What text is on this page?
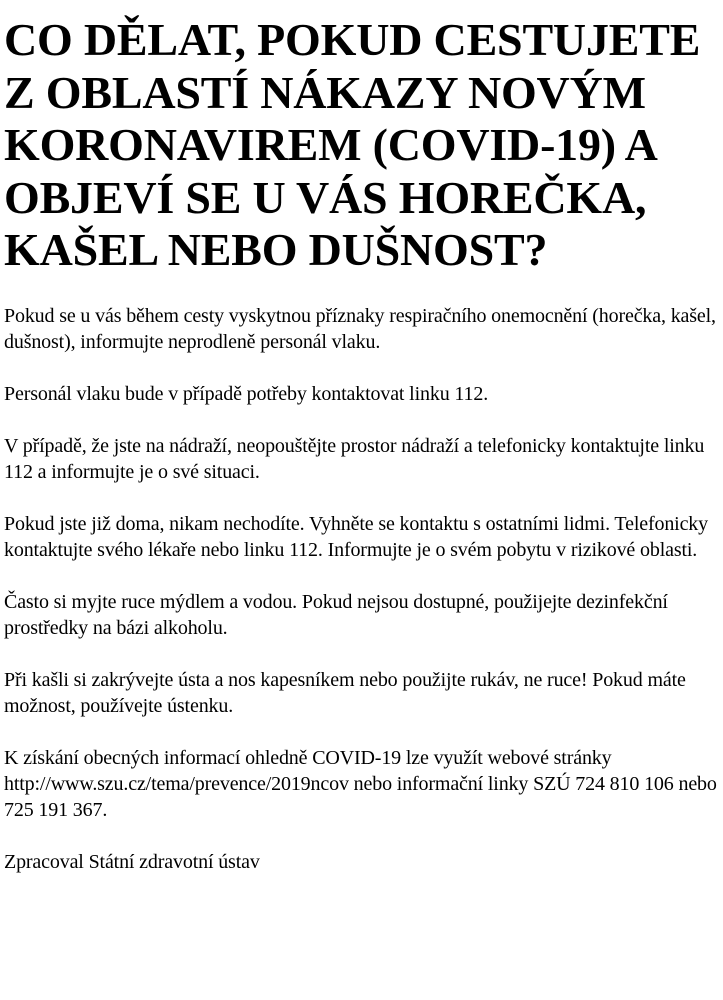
CO DĚLAT, POKUD CESTUJETE Z OBLASTÍ NÁKAZY NOVÝM KORONAVIREM (COVID-19) A OBJEVÍ SE U VÁS HOREČKA, KAŠEL NEBO DUŠNOST?

Pokud se u vás během cesty vyskytnou příznaky respiračního onemocnění (horečka, kašel, dušnost), informujte neprodleně personál vlaku.

Personál vlaku bude v případě potřeby kontaktovat linku 112.

V případě, že jste na nádraží, neopouštějte prostor nádraží a telefonicky kontaktujte linku 112 a informujte je o své situaci.

Pokud jste již doma, nikam nechodíte. Vyhněte se kontaktu s ostatními lidmi. Telefonicky kontaktujte svého lékaře nebo linku 112. Informujte je o svém pobytu v rizikové oblasti.

Často si myjte ruce mýdlem a vodou. Pokud nejsou dostupné, použijejte dezinfekční prostředky na bázi alkoholu.

Při kašli si zakrývejte ústa a nos kapesníkem nebo použijte rukáv, ne ruce! Pokud máte možnost, používejte ústenku.

K získání obecných informací ohledně COVID-19 lze využít webové stránky http://www.szu.cz/tema/prevence/2019ncov nebo informační linky SZÚ 724 810 106 nebo 725 191 367.

Zpracoval Státní zdravotní ústav
